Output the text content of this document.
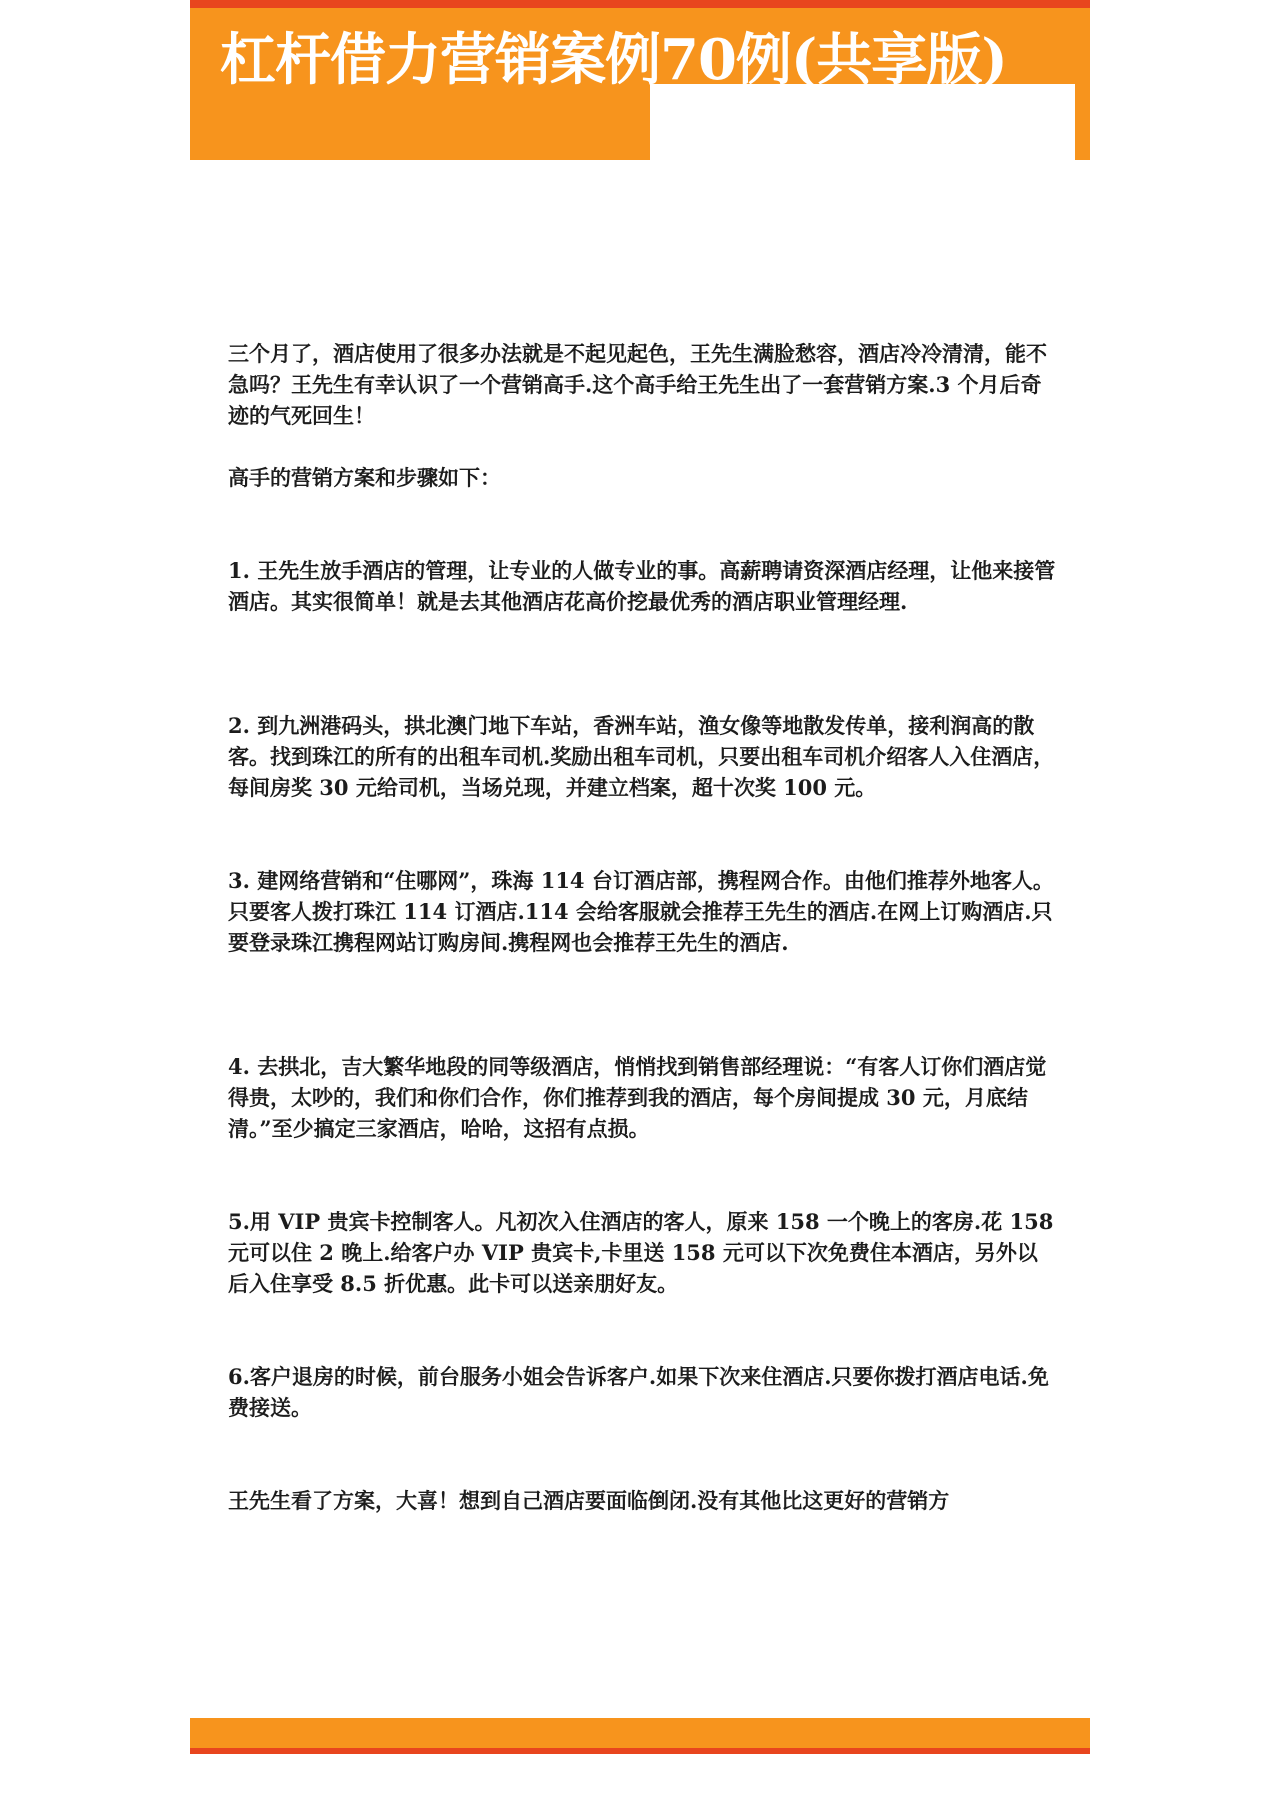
杠杆借力营销案例70例(共享版)

三个月了，酒店使用了很多办法就是不起见起色，王先生满脸愁容，酒店冷冷清清，能不急吗？王先生有幸认识了一个营销高手.这个高手给王先生出了一套营销方案.3 个月后奇迹的气死回生！

高手的营销方案和步骤如下：

1. 王先生放手酒店的管理，让专业的人做专业的事。高薪聘请资深酒店经理，让他来接管酒店。其实很简单！就是去其他酒店花高价挖最优秀的酒店职业管理经理.

2. 到九洲港码头，拱北澳门地下车站，香洲车站，渔女像等地散发传单，接利润高的散客。找到珠江的所有的出租车司机.奖励出租车司机，只要出租车司机介绍客人入住酒店，每间房奖 30 元给司机，当场兑现，并建立档案，超十次奖 100 元。

3. 建网络营销和“住哪网”，珠海 114 台订酒店部，携程网合作。由他们推荐外地客人。只要客人拨打珠江 114 订酒店.114 会给客服就会推荐王先生的酒店.在网上订购酒店.只要登录珠江携程网站订购房间.携程网也会推荐王先生的酒店.

4. 去拱北，吉大繁华地段的同等级酒店，悄悄找到销售部经理说：“有客人订你们酒店觉得贵，太吵的，我们和你们合作，你们推荐到我的酒店，每个房间提成 30 元，月底结清。”至少搞定三家酒店，哈哈，这招有点损。

5.用 VIP 贵宾卡控制客人。凡初次入住酒店的客人，原来 158 一个晚上的客房.花 158 元可以住 2 晚上.给客户办 VIP 贵宾卡,卡里送 158 元可以下次免费住本酒店，另外以后入住享受 8.5 折优惠。此卡可以送亲朋好友。

6.客户退房的时候，前台服务小姐会告诉客户.如果下次来住酒店.只要你拨打酒店电话.免费接送。

王先生看了方案，大喜！想到自己酒店要面临倒闭.没有其他比这更好的营销方
